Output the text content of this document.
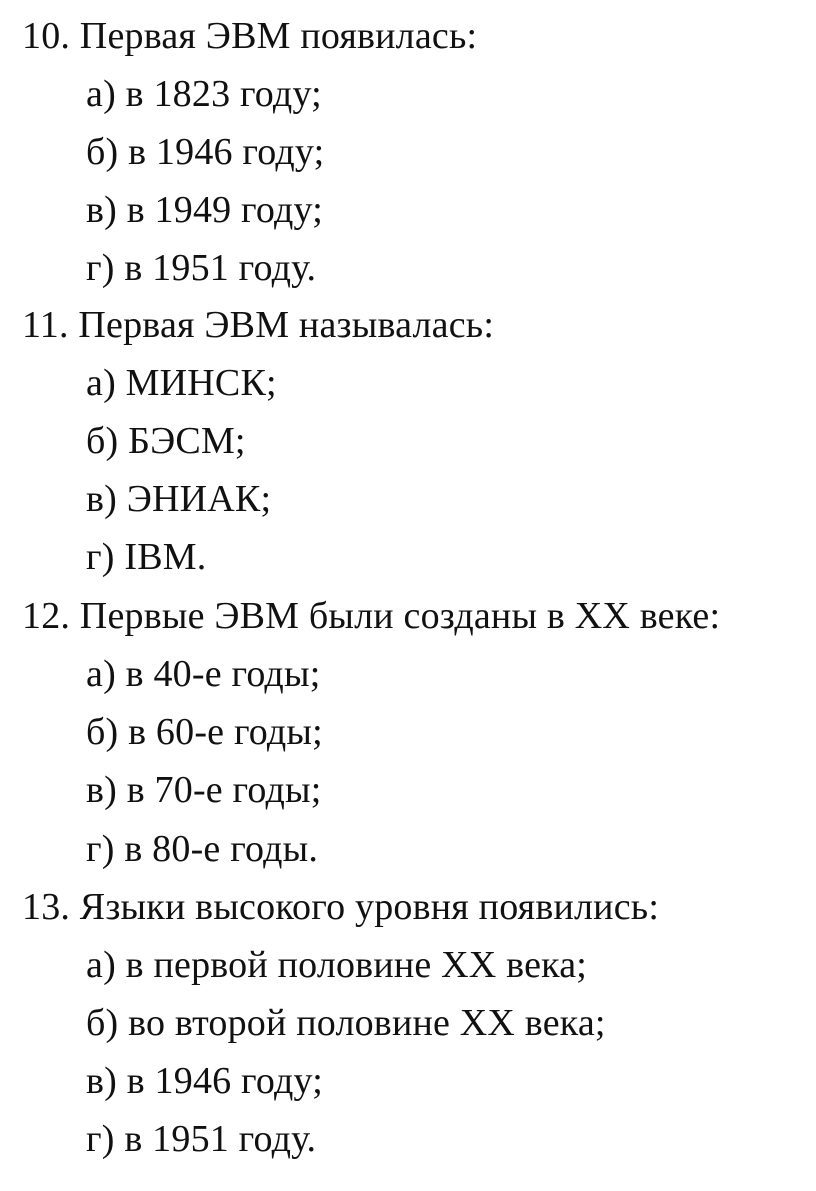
10. Первая ЭВМ появилась:
а) в 1823 году;
б) в 1946 году;
в) в 1949 году;
г) в 1951 году.
11. Первая ЭВМ называлась:
а) МИНСК;
б) БЭСМ;
в) ЭНИАК;
г) IBM.
12. Первые ЭВМ были созданы в XX веке:
а) в 40-е годы;
б) в 60-е годы;
в) в 70-е годы;
г) в 80-е годы.
13. Языки высокого уровня появились:
а) в первой половине XX века;
б) во второй половине XX века;
в) в 1946 году;
г) в 1951 году.
